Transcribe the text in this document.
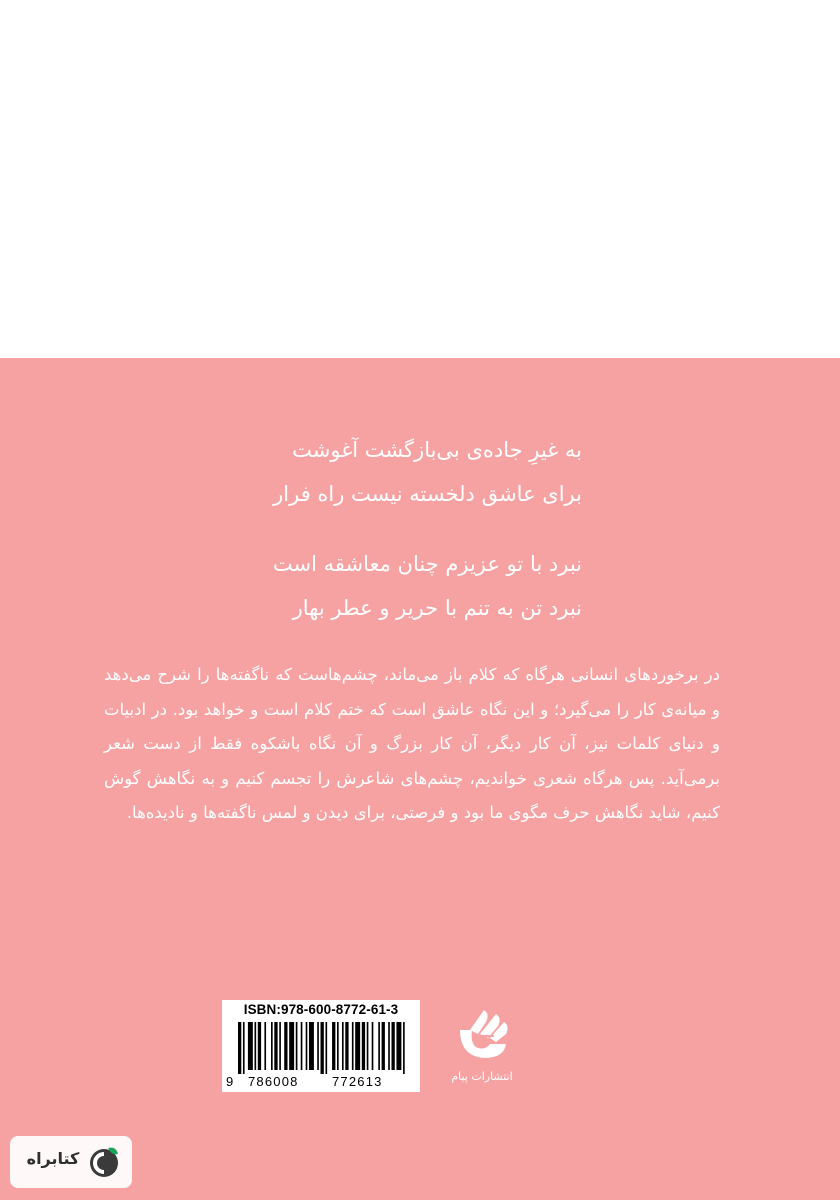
به غیرِ جاده‌ی بی‌بازگشت آغوشت
برای عاشق دلخسته نیست راه فرار
نبرد با تو عزیزم چنان معاشقه است
نبرد تن به تنم با حریر و عطر بهار

در برخوردهای انسانی هرگاه که کلام باز می‌ماند، چشم‌هاست که ناگفته‌ها را شرح می‌دهد و میانه‌ی کار را می‌گیرد؛ و این نگاه عاشق است که ختم کلام است و خواهد بود. در ادبیات و دنیای کلمات نیز، آن کار دیگر، آن کار بزرگ و آن نگاه باشکوه فقط از دست شعر برمی‌آید. پس هرگاه شعری خواندیم، چشم‌های شاعرش را تجسم کنیم و به نگاهش گوش کنیم، شاید نگاهش حرف مگوی ما بود و فرصتی، برای دیدن و لمس ناگفته‌ها و نادیده‌ها.

ISBN:978-600-8772-61-3
9 786008	772613	انتشارات پیام
کتابراه
